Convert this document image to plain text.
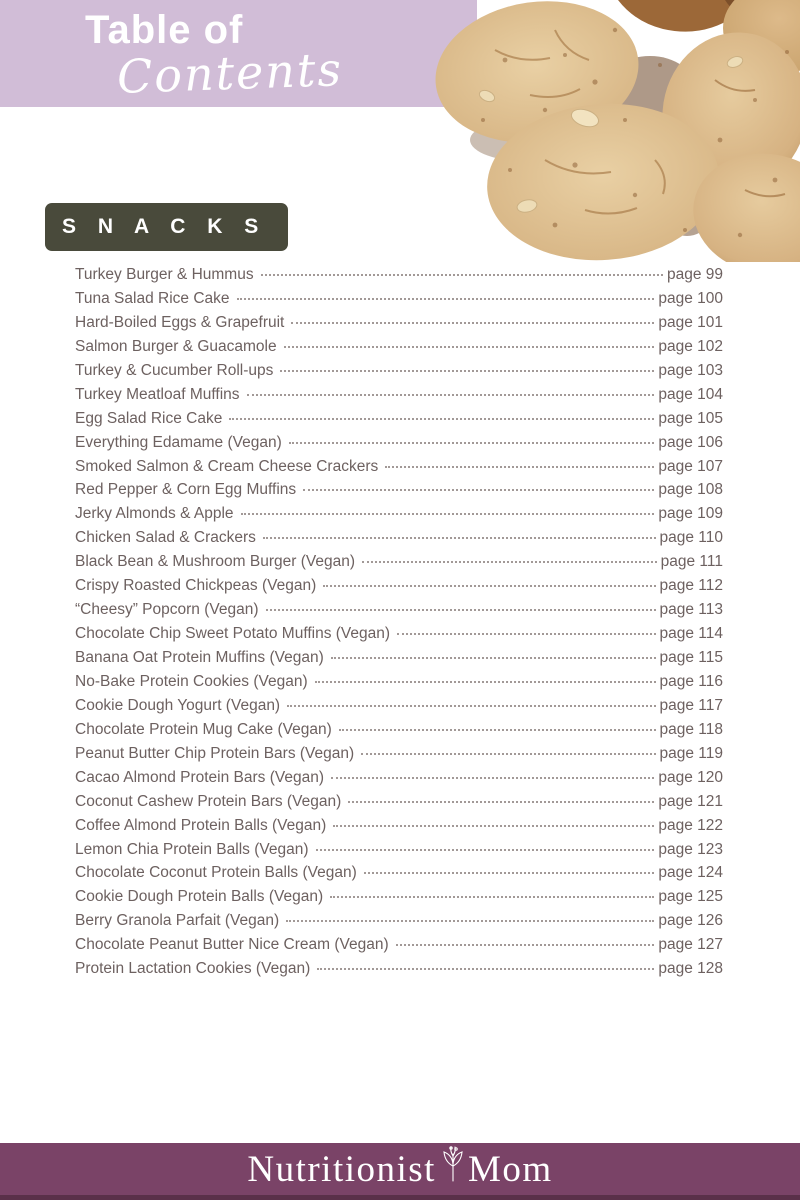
Table of
Contents
S N A C K S
Turkey Burger & Hummus	page 99
Tuna Salad Rice Cake	page 100
Hard-Boiled Eggs & Grapefruit	page 101
Salmon Burger & Guacamole	page 102
Turkey & Cucumber Roll-ups	page 103
Turkey Meatloaf Muffins	page 104
Egg Salad Rice Cake	page 105
Everything Edamame (Vegan)	page 106
Smoked Salmon & Cream Cheese Crackers	page 107
Red Pepper & Corn Egg Muffins	page 108
Jerky Almonds & Apple	page 109
Chicken Salad & Crackers	page 110
Black Bean & Mushroom Burger (Vegan)	page 111
Crispy Roasted Chickpeas (Vegan)	page 112
“Cheesy” Popcorn (Vegan)	page 113
Chocolate Chip Sweet Potato Muffins (Vegan)	page 114
Banana Oat Protein Muffins (Vegan)	page 115
No-Bake Protein Cookies (Vegan)	page 116
Cookie Dough Yogurt (Vegan)	page 117
Chocolate Protein Mug Cake (Vegan)	page 118
Peanut Butter Chip Protein Bars (Vegan)	page 119
Cacao Almond Protein Bars (Vegan)	page 120
Coconut Cashew Protein Bars (Vegan)	page 121
Coffee Almond Protein Balls (Vegan)	page 122
Lemon Chia Protein Balls (Vegan)	page 123
Chocolate Coconut Protein Balls (Vegan)	page 124
Cookie Dough Protein Balls (Vegan)	page 125
Berry Granola Parfait (Vegan)	page 126
Chocolate Peanut Butter Nice Cream (Vegan)	page 127
Protein Lactation Cookies (Vegan)	page 128
Nutritionist Mom
